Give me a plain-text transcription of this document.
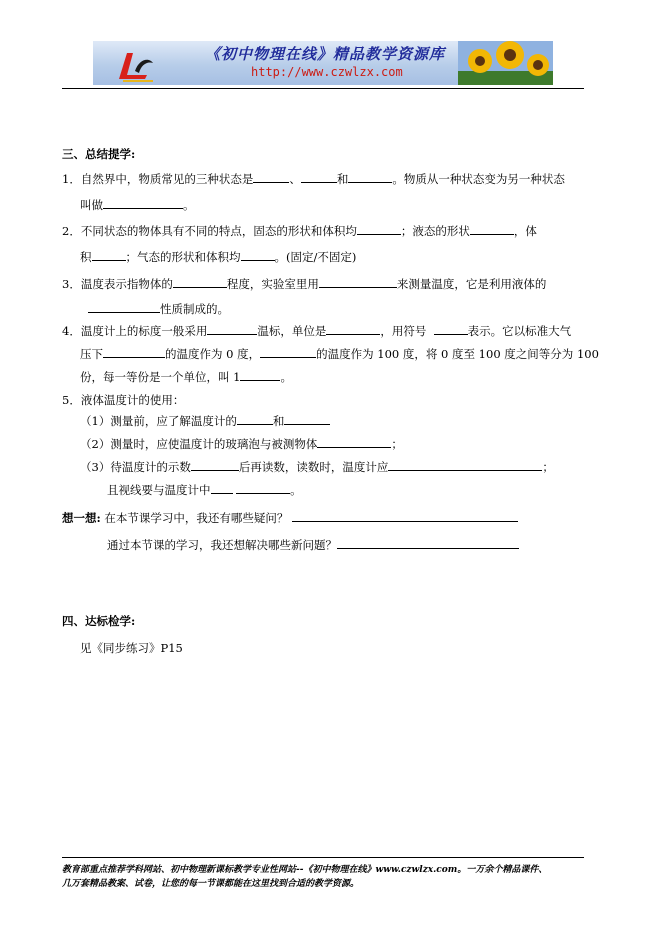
《初中物理在线》精品教学资源库
http://www.czwlzx.com
三、总结提学:
1．自然界中，物质常见的三种状态是	、	和	。物质从一种状态变为另一种状态
叫做	。
2．不同状态的物体具有不同的特点，固态的形状和体积均	；液态的形状	，体
积	；气态的形状和体积均	。(固定/不固定)
3．温度表示指物体的	程度，实验室里用	来测量温度，它是利用液体的
性质制成的。
4．温度计上的标度一般采用	温标，单位是	，用符号	表示。它以标准大气
压下	的温度作为 0 度，	的温度作为 100 度，将 0 度至 100 度之间等分为 100
份，每一等份是一个单位，叫 1	。
5．液体温度计的使用：
（1）测量前，应了解温度计的	和
（2）测量时，应使温度计的玻璃泡与被测物体	；
（3）待温度计的示数	后再读数，读数时，温度计应	；
且视线要与温度计中	。
想一想: 在本节课学习中，我还有哪些疑问？
通过本节课的学习，我还想解决哪些新问题？
四、达标检学:
见《同步练习》P15
教育部重点推荐学科网站、初中物理新课标教学专业性网站--《初中物理在线》www.czwlzx.com。一万余个精品课件、
几万套精品教案、试卷，让您的每一节课都能在这里找到合适的教学资源。
